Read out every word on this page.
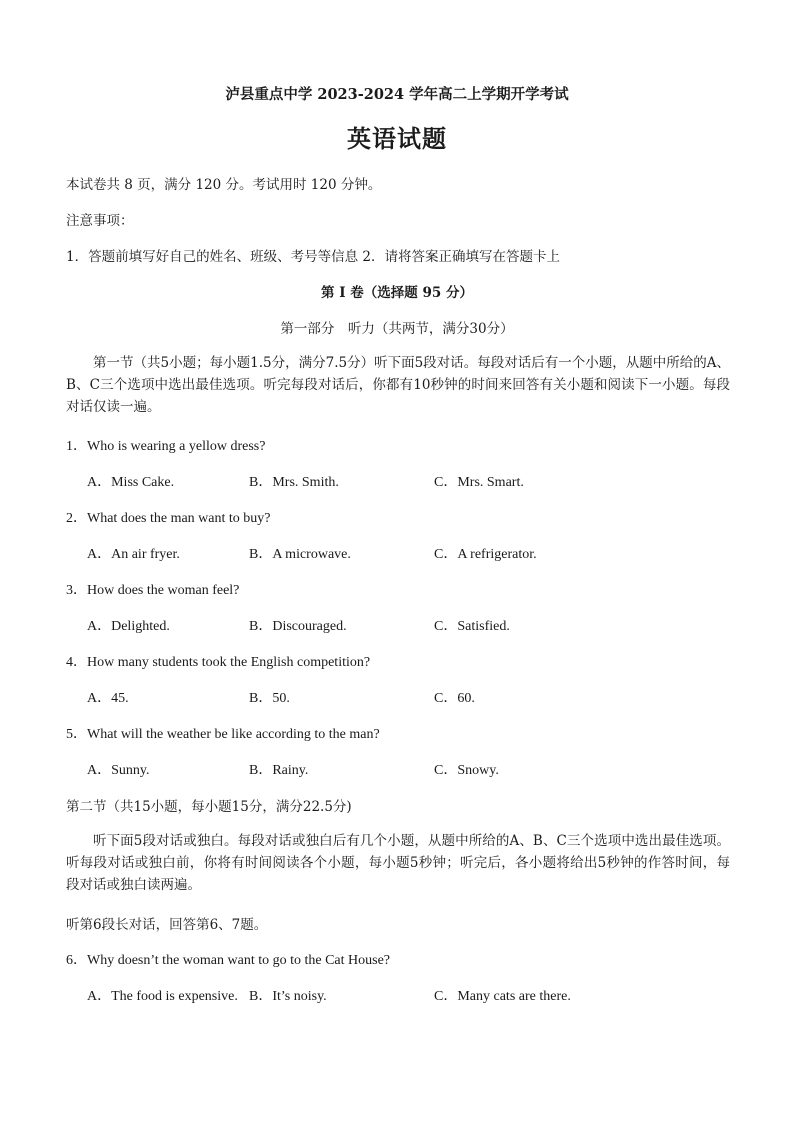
泸县重点中学 2023-2024 学年高二上学期开学考试
英语试题
本试卷共 8 页，满分 120 分。考试用时 120 分钟。
注意事项：
1．答题前填写好自己的姓名、班级、考号等信息 2．请将答案正确填写在答题卡上
第 I 卷（选择题 95 分）
第一部分　听力（共两节，满分30分）
第一节（共5小题；每小题1.5分，满分7.5分）听下面5段对话。每段对话后有一个小题，从题中所给的A、B、C三个选项中选出最佳选项。听完每段对话后，你都有10秒钟的时间来回答有关小题和阅读下一小题。每段对话仅读一遍。
1．Who is wearing a yellow dress?
A．Miss Cake.	B．Mrs. Smith.	C．Mrs. Smart.
2．What does the man want to buy?
A．An air fryer.	B．A microwave.	C．A refrigerator.
3．How does the woman feel?
A．Delighted.	B．Discouraged.	C．Satisfied.
4．How many students took the English competition?
A．45.	B．50.	C．60.
5．What will the weather be like according to the man?
A．Sunny.	B．Rainy.	C．Snowy.
第二节（共15小题，每小题15分，满分22.5分)
听下面5段对话或独白。每段对话或独白后有几个小题，从题中所给的A、B、C三个选项中选出最佳选项。听每段对话或独白前，你将有时间阅读各个小题，每小题5秒钟；听完后，各小题将给出5秒钟的作答时间，每段对话或独白读两遍。
听第6段长对话，回答第6、7题。
6．Why doesn’t the woman want to go to the Cat House?
A．The food is expensive. B．It’s noisy.	C．Many cats are there.
